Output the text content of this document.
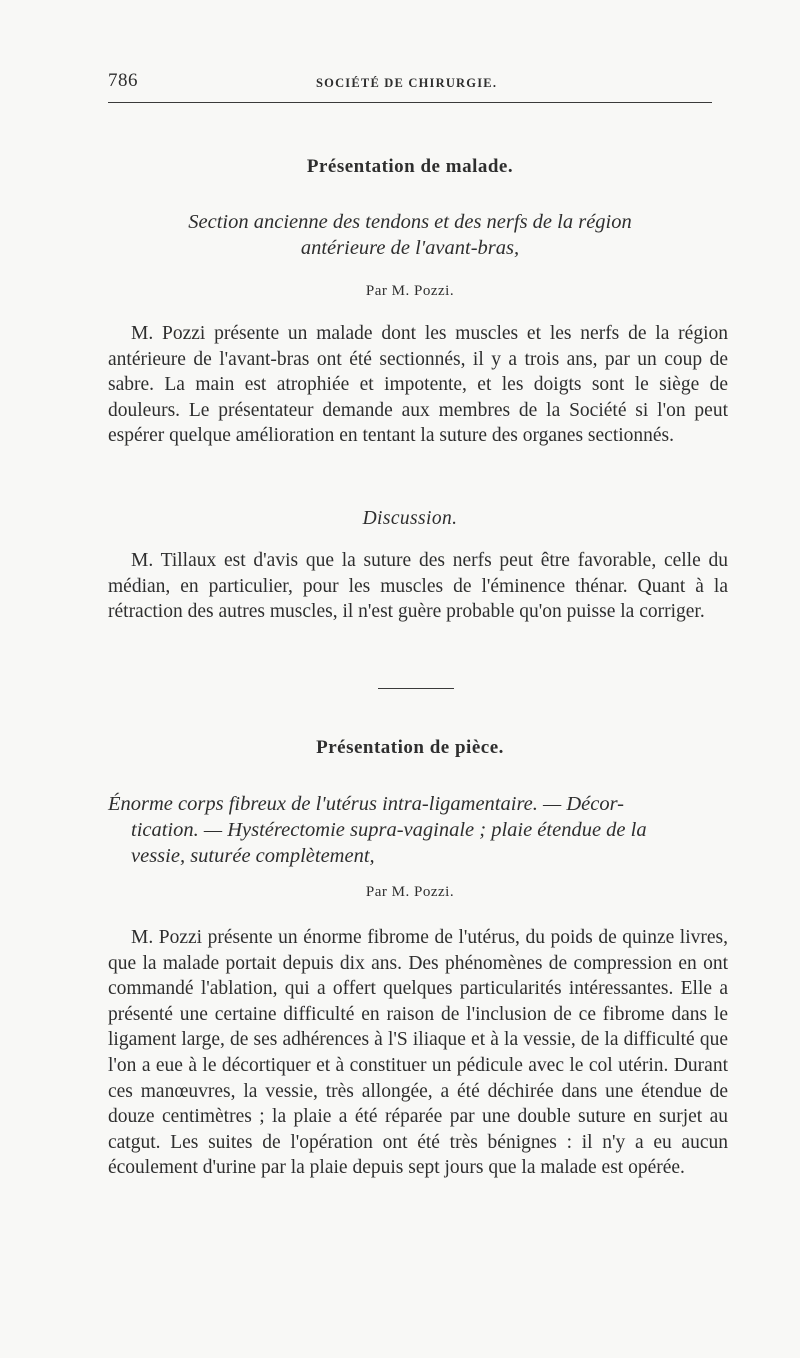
786	SOCIÉTÉ DE CHIRURGIE.
Présentation de malade.
Section ancienne des tendons et des nerfs de la région
antérieure de l'avant-bras,
Par M. Pozzi.

M. Pozzi présente un malade dont les muscles et les nerfs de la région antérieure de l'avant-bras ont été sectionnés, il y a trois ans, par un coup de sabre. La main est atrophiée et impotente, et les doigts sont le siège de douleurs. Le présentateur demande aux membres de la Société si l'on peut espérer quelque amélioration en tentant la suture des organes sectionnés.

Discussion.

M. Tillaux est d'avis que la suture des nerfs peut être favorable, celle du médian, en particulier, pour les muscles de l'éminence thénar. Quant à la rétraction des autres muscles, il n'est guère probable qu'on puisse la corriger.

Présentation de pièce.
Énorme corps fibreux de l'utérus intra-ligamentaire. — Décor-
tication. — Hystérectomie supra-vaginale ; plaie étendue de la
vessie, suturée complètement,
Par M. Pozzi.

M. Pozzi présente un énorme fibrome de l'utérus, du poids de quinze livres, que la malade portait depuis dix ans. Des phénomènes de compression en ont commandé l'ablation, qui a offert quelques particularités intéressantes. Elle a présenté une certaine difficulté en raison de l'inclusion de ce fibrome dans le ligament large, de ses adhérences à l'S iliaque et à la vessie, de la difficulté que l'on a eue à le décortiquer et à constituer un pédicule avec le col utérin. Durant ces manœuvres, la vessie, très allongée, a été déchirée dans une étendue de douze centimètres ; la plaie a été réparée par une double suture en surjet au catgut. Les suites de l'opération ont été très bénignes : il n'y a eu aucun écoulement d'urine par la plaie depuis sept jours que la malade est opérée.
